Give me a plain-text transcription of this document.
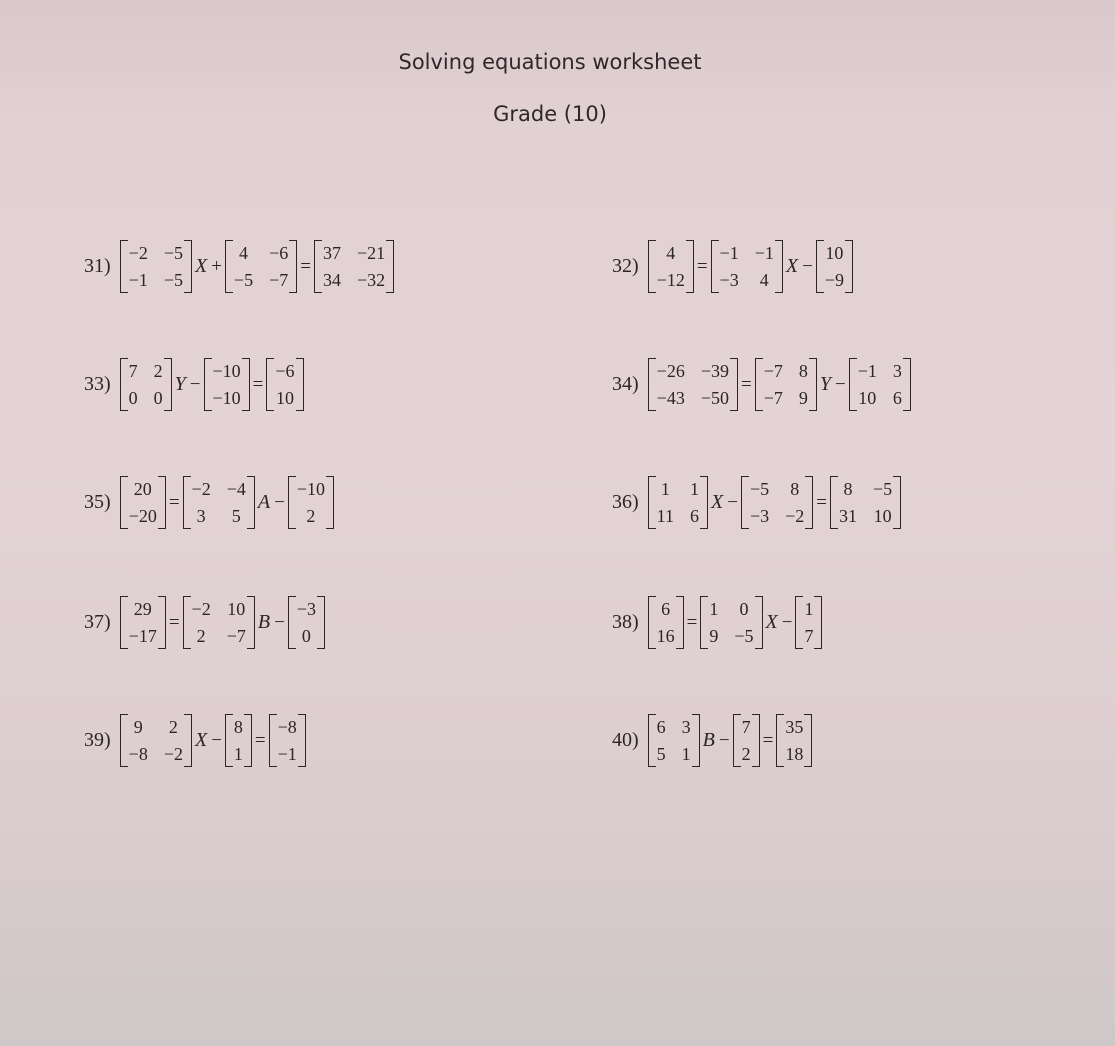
Solving equations worksheet
Grade (10)
31)
−2 −5
−1 −5
X +
4 −6
−5 −7
=
37 −21
34 −32
32)
4
−12
=
−1 −1
−3 4
X −
10
−9
33)
7 2
0 0
Y −
−10
−10
=
−6
10
34)
−26 −39
−43 −50
=
−7 8
−7 9
Y −
−1 3
10 6
35)
20
−20
=
−2 −4
3 5
A −
−10
2
36)
1 1
11 6
X −
−5 8
−3 −2
=
8 −5
31 10
37)
29
−17
=
−2 10
2 −7
B −
−3
0
38)
6
16
=
1 0
9 −5
X −
1
7
39)
9 2
−8 −2
X −
8
1
=
−8
−1
40)
6 3
5 1
B −
7
2
=
35
18
